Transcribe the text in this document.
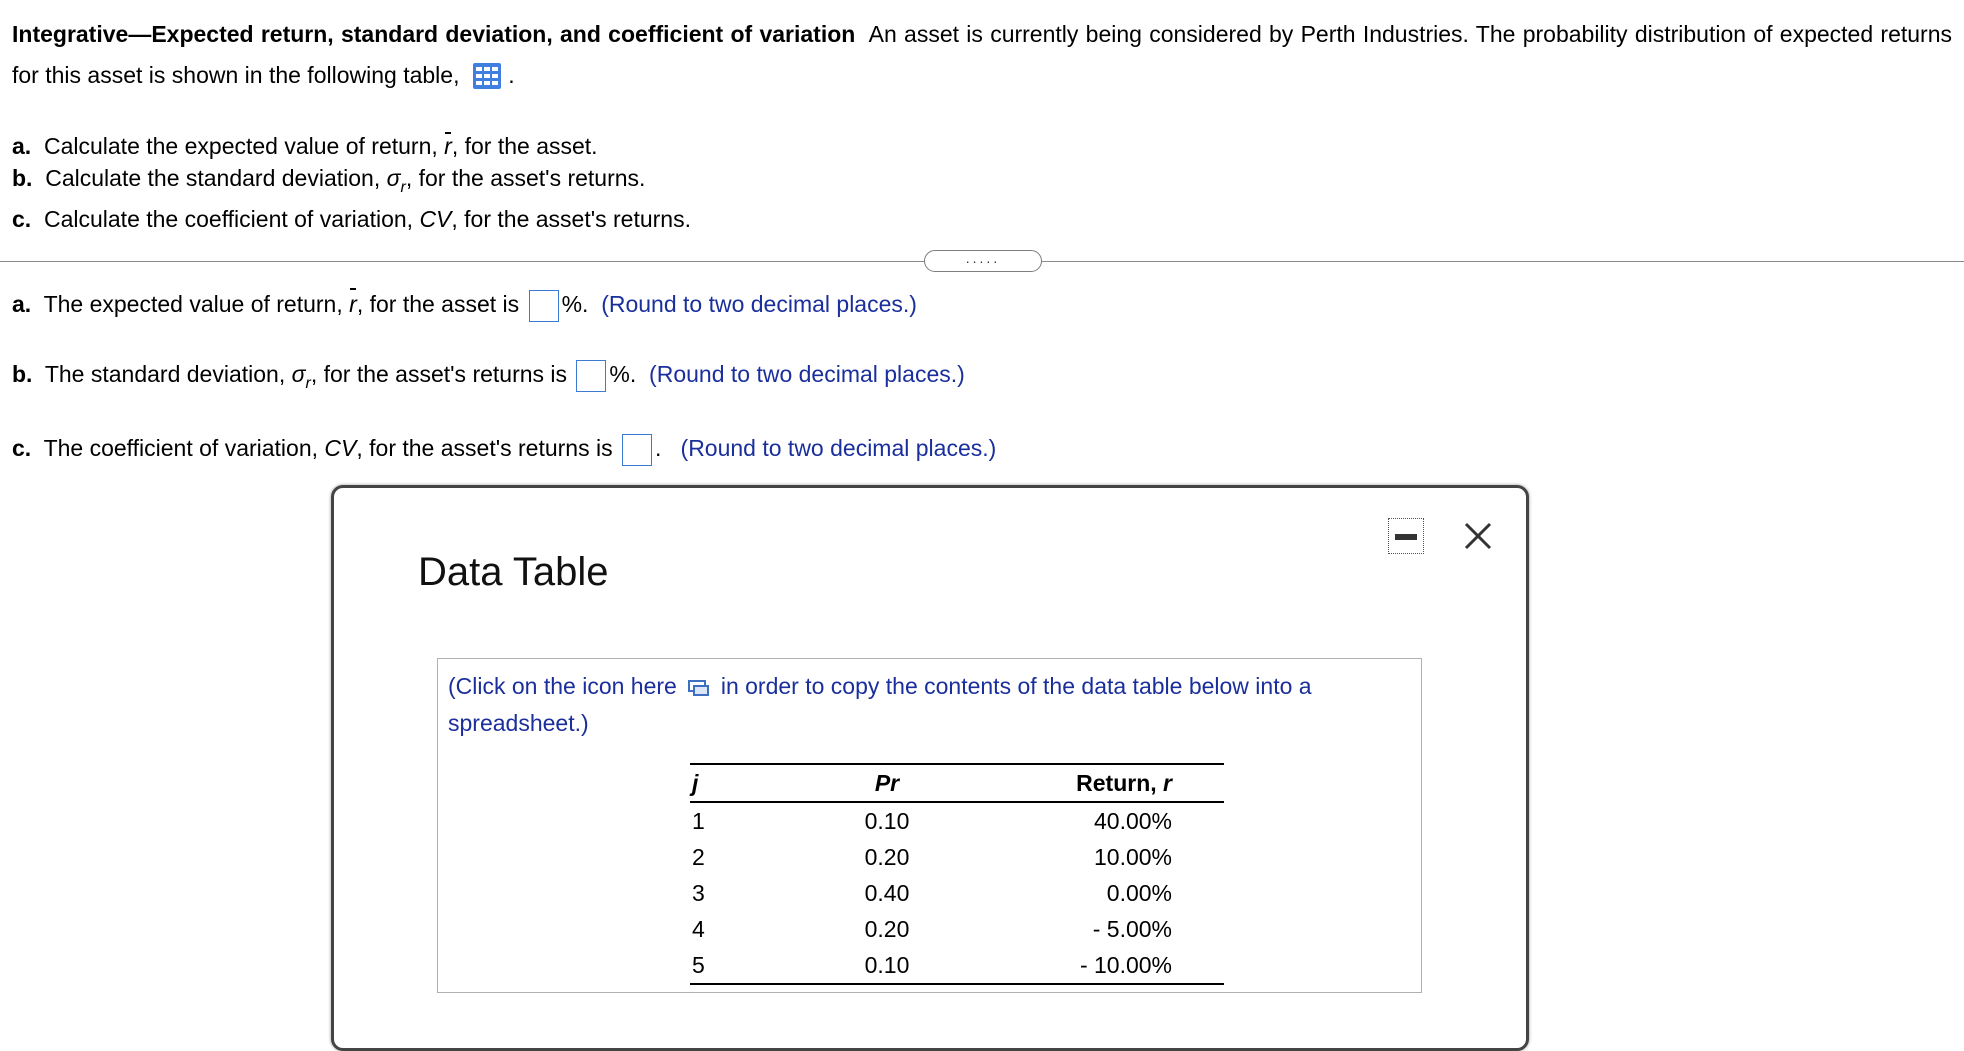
Integrative—Expected return, standard deviation, and coefficient of variation An asset is currently being considered by Perth Industries. The probability distribution of expected returns for this asset is shown in the following table, .
a. Calculate the expected value of return, r, for the asset.
b. Calculate the standard deviation, $\sigma_r$, for the asset's returns.
c. Calculate the coefficient of variation, CV, for the asset's returns.
.....
a. The expected value of return, r, for the asset is %. (Round to two decimal places.)
b. The standard deviation, $\sigma_r$, for the asset's returns is %. (Round to two decimal places.)
c. The coefficient of variation, CV, for the asset's returns is . (Round to two decimal places.)
Data Table
(Click on the icon here in order to copy the contents of the data table below into a spreadsheet.)
j	Pr	Return, r
1	0.10	40.00%
2	0.20	10.00%
3	0.40	0.00%
4	0.20	- 5.00%
5	0.10	- 10.00%
